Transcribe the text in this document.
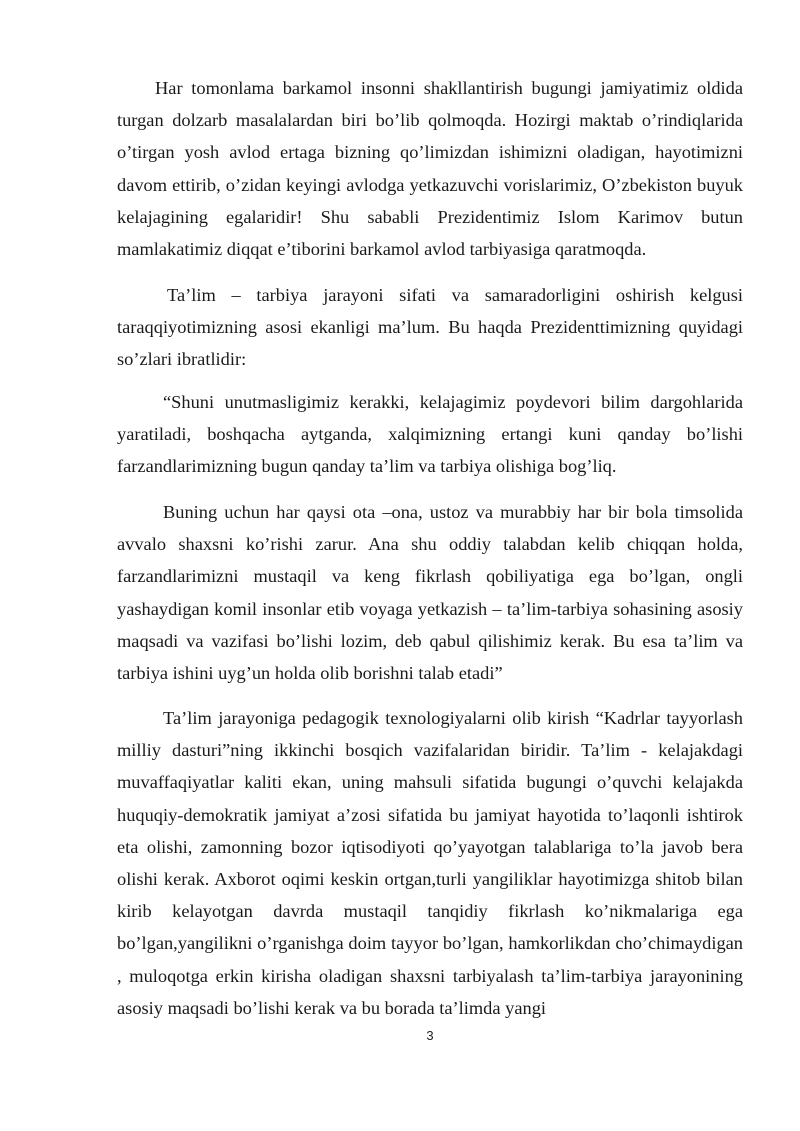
Har tomonlama barkamol insonni shakllantirish bugungi jamiyatimiz oldida turgan dolzarb masalalardan biri bo’lib qolmoqda. Hozirgi maktab o’rindiqlarida o’tirgan yosh avlod ertaga bizning qo’limizdan ishimizni oladigan, hayotimizni davom ettirib, o’zidan keyingi avlodga yetkazuvchi vorislarimiz, O’zbekiston buyuk kelajagining egalaridir! Shu sababli Prezidentimiz Islom Karimov butun mamlakatimiz diqqat e’tiborini barkamol avlod tarbiyasiga qaratmoqda.

Ta’lim – tarbiya jarayoni sifati va samaradorligini oshirish kelgusi taraqqiyotimizning asosi ekanligi ma’lum. Bu haqda Prezidenttimizning quyidagi so’zlari ibratlidir:

“Shuni unutmasligimiz kerakki, kelajagimiz poydevori bilim dargohlarida yaratiladi, boshqacha aytganda, xalqimizning ertangi kuni qanday bo’lishi farzandlarimizning bugun qanday ta’lim va tarbiya olishiga bog’liq.

Buning uchun har qaysi ota –ona, ustoz va murabbiy har bir bola timsolida avvalo shaxsni ko’rishi zarur. Ana shu oddiy talabdan kelib chiqqan holda, farzandlarimizni mustaqil va keng fikrlash qobiliyatiga ega bo’lgan, ongli yashaydigan komil insonlar etib voyaga yetkazish – ta’lim-tarbiya sohasining asosiy maqsadi va vazifasi bo’lishi lozim, deb qabul qilishimiz kerak. Bu esa ta’lim va tarbiya ishini uyg’un holda olib borishni talab etadi”

Ta’lim jarayoniga pedagogik texnologiyalarni olib kirish “Kadrlar tayyorlash milliy dasturi”ning ikkinchi bosqich vazifalaridan biridir. Ta’lim - kelajakdagi muvaffaqiyatlar kaliti ekan, uning mahsuli sifatida bugungi o’quvchi kelajakda huquqiy-demokratik jamiyat a’zosi sifatida bu jamiyat hayotida to’laqonli ishtirok eta olishi, zamonning bozor iqtisodiyoti qo’yayotgan talablariga to’la javob bera olishi kerak. Axborot oqimi keskin ortgan,turli yangiliklar hayotimizga shitob bilan kirib kelayotgan davrda mustaqil tanqidiy fikrlash ko’nikmalariga ega bo’lgan,yangilikni o’rganishga doim tayyor bo’lgan, hamkorlikdan cho’chimaydigan , muloqotga erkin kirisha oladigan shaxsni tarbiyalash ta’lim-tarbiya jarayonining asosiy maqsadi bo’lishi kerak va bu borada ta’limda yangi

3
